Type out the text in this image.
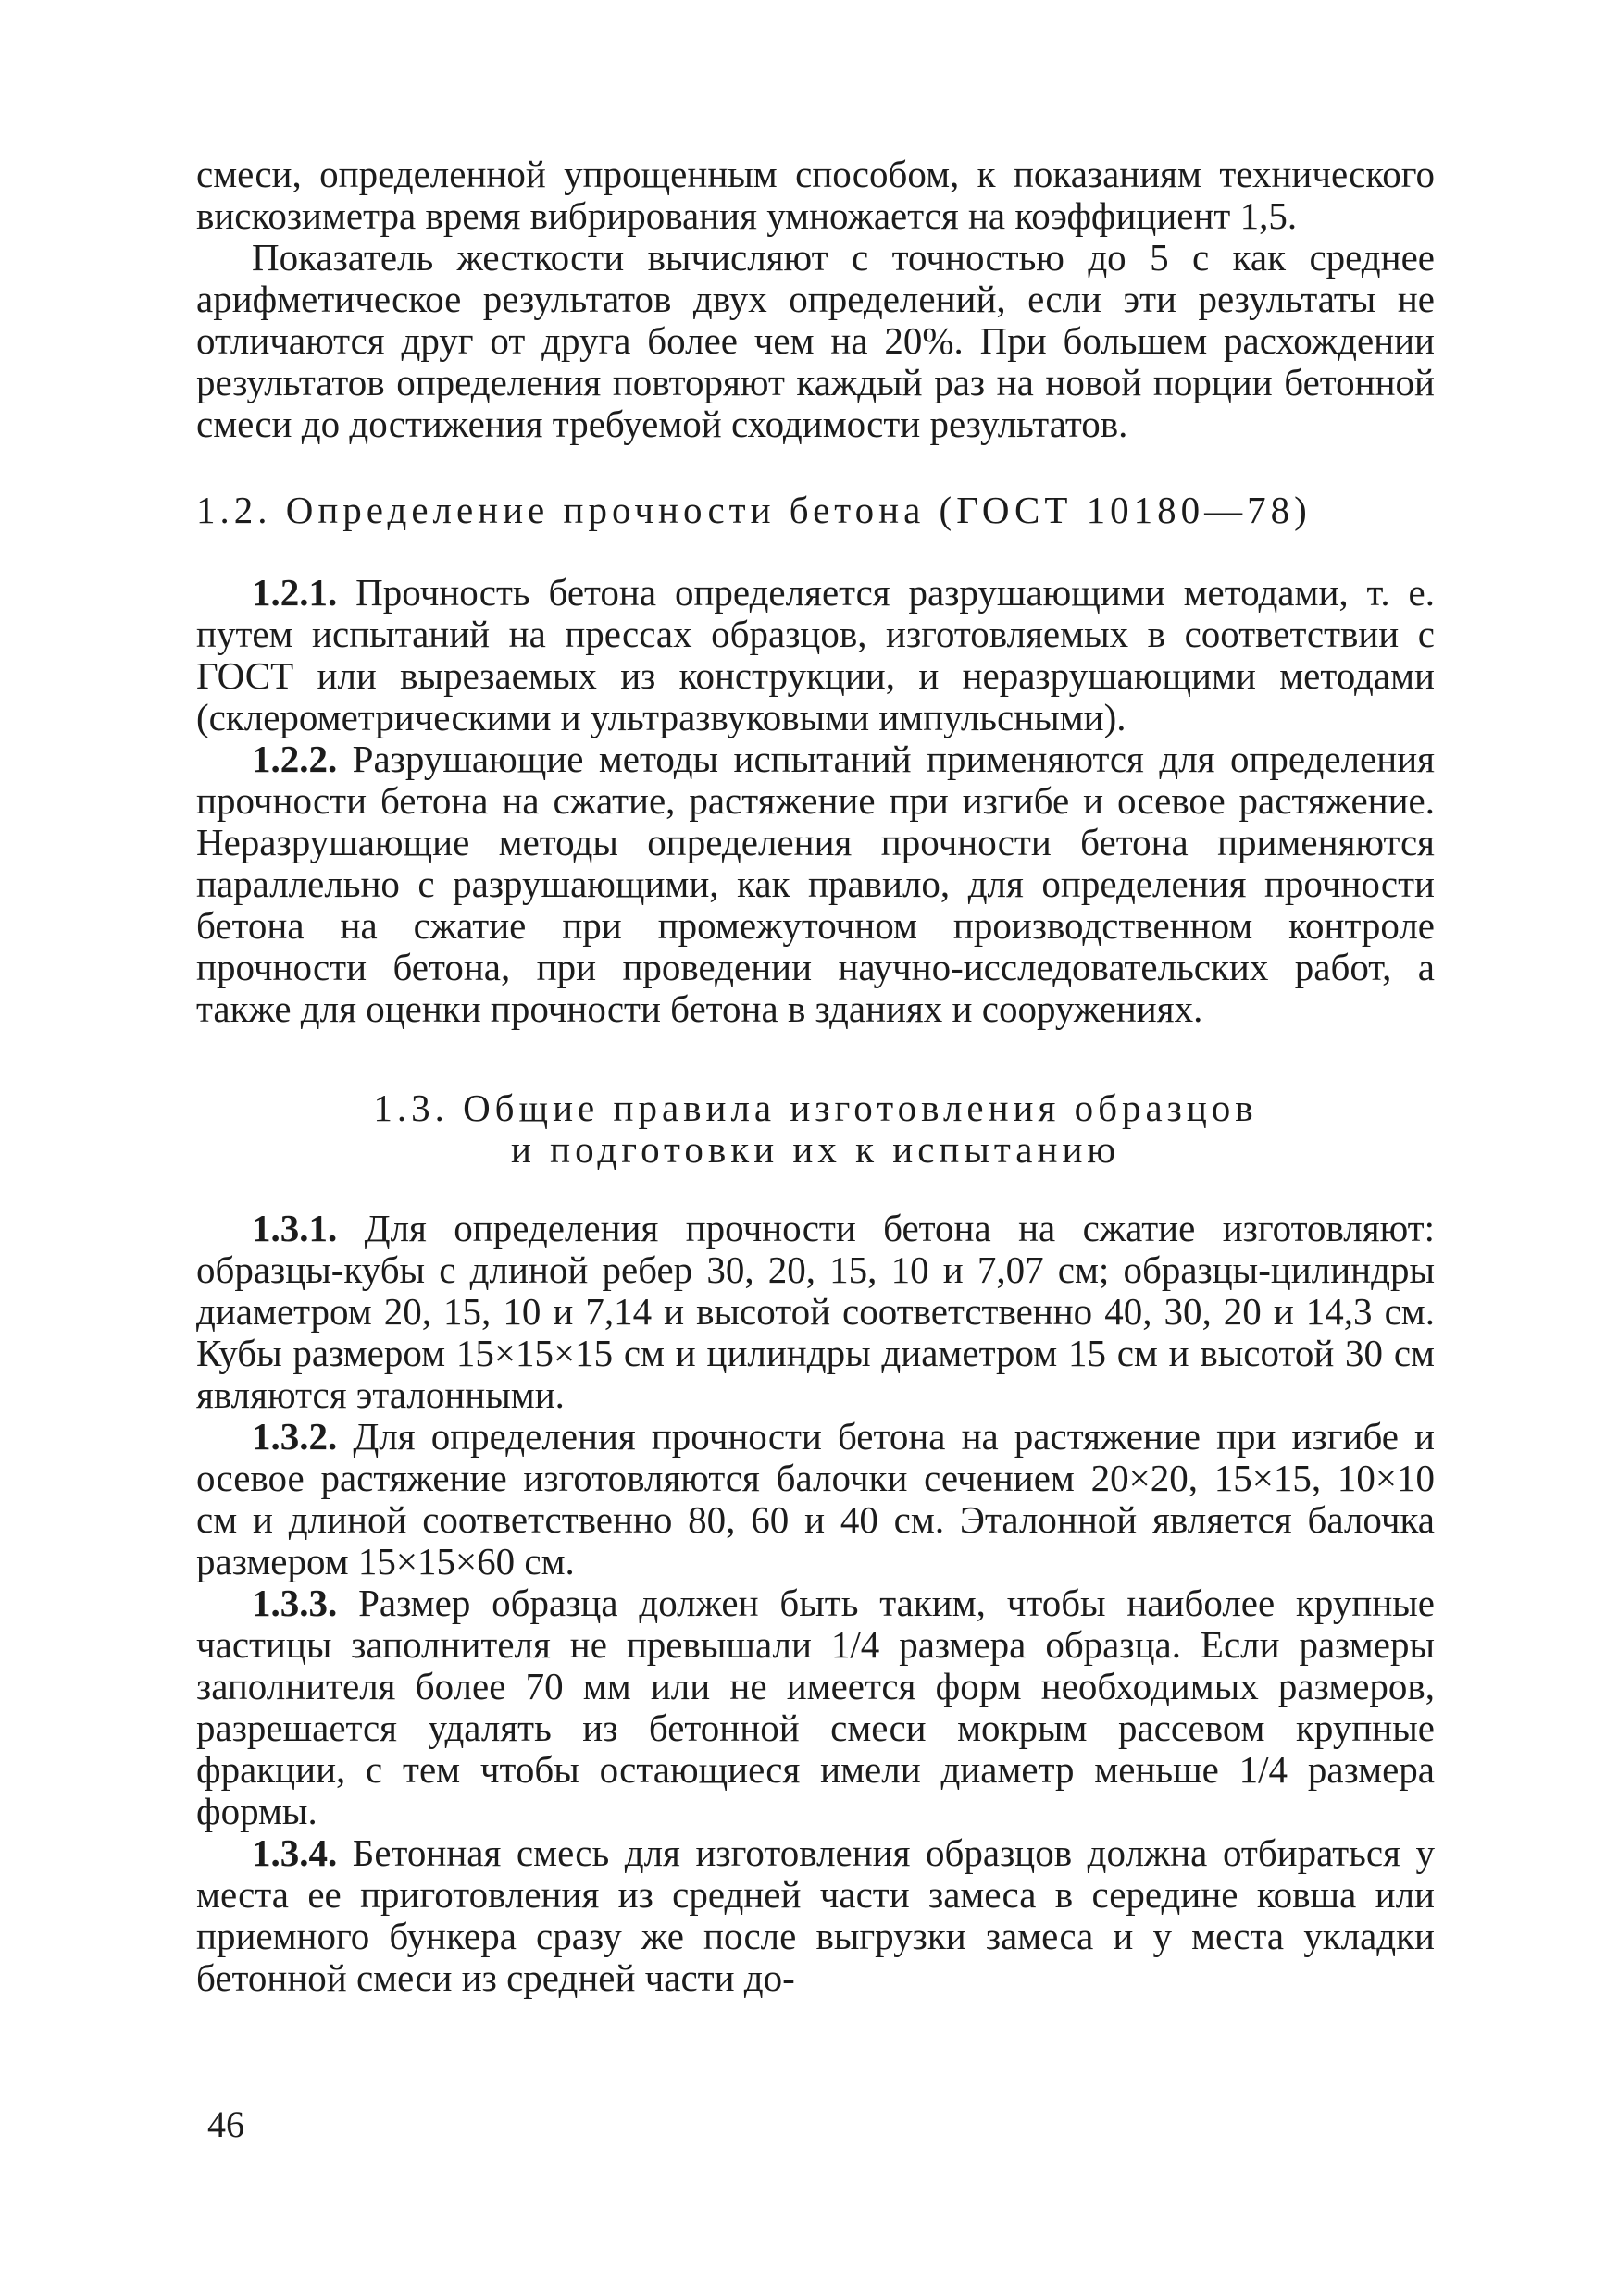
смеси, определенной упрощенным способом, к показаниям технического вискозиметра время вибрирования умножается на коэффициент 1,5.

Показатель жесткости вычисляют с точностью до 5 с как среднее арифметическое результатов двух определений, если эти результаты не отличаются друг от друга более чем на 20%. При большем расхождении результатов определения повторяют каждый раз на новой порции бетонной смеси до достижения требуемой сходимости результатов.

1.2. Определение прочности бетона (ГОСТ 10180—78)

1.2.1. Прочность бетона определяется разрушающими методами, т. е. путем испытаний на прессах образцов, изготовляемых в соответствии с ГОСТ или вырезаемых из конструкции, и неразрушающими методами (склерометрическими и ультразвуковыми импульсными).

1.2.2. Разрушающие методы испытаний применяются для определения прочности бетона на сжатие, растяжение при изгибе и осевое растяжение. Неразрушающие методы определения прочности бетона применяются параллельно с разрушающими, как правило, для определения прочности бетона на сжатие при промежуточном производственном контроле прочности бетона, при проведении научно-исследовательских работ, а также для оценки прочности бетона в зданиях и сооружениях.

1.3. Общие правила изготовления образцов
и подготовки их к испытанию

1.3.1. Для определения прочности бетона на сжатие изготовляют: образцы-кубы с длиной ребер 30, 20, 15, 10 и 7,07 см; образцы-цилиндры диаметром 20, 15, 10 и 7,14 и высотой соответственно 40, 30, 20 и 14,3 см. Кубы размером 15×15×15 см и цилиндры диаметром 15 см и высотой 30 см являются эталонными.

1.3.2. Для определения прочности бетона на растяжение при изгибе и осевое растяжение изготовляются балочки сечением 20×20, 15×15, 10×10 см и длиной соответственно 80, 60 и 40 см. Эталонной является балочка размером 15×15×60 см.

1.3.3. Размер образца должен быть таким, чтобы наиболее крупные частицы заполнителя не превышали 1/4 размера образца. Если размеры заполнителя более 70 мм или не имеется форм необходимых размеров, разрешается удалять из бетонной смеси мокрым рассевом крупные фракции, с тем чтобы остающиеся имели диаметр меньше 1/4 размера формы.

1.3.4. Бетонная смесь для изготовления образцов должна отбираться у места ее приготовления из средней части замеса в середине ковша или приемного бункера сразу же после выгрузки замеса и у места укладки бетонной смеси из средней части до-

46
